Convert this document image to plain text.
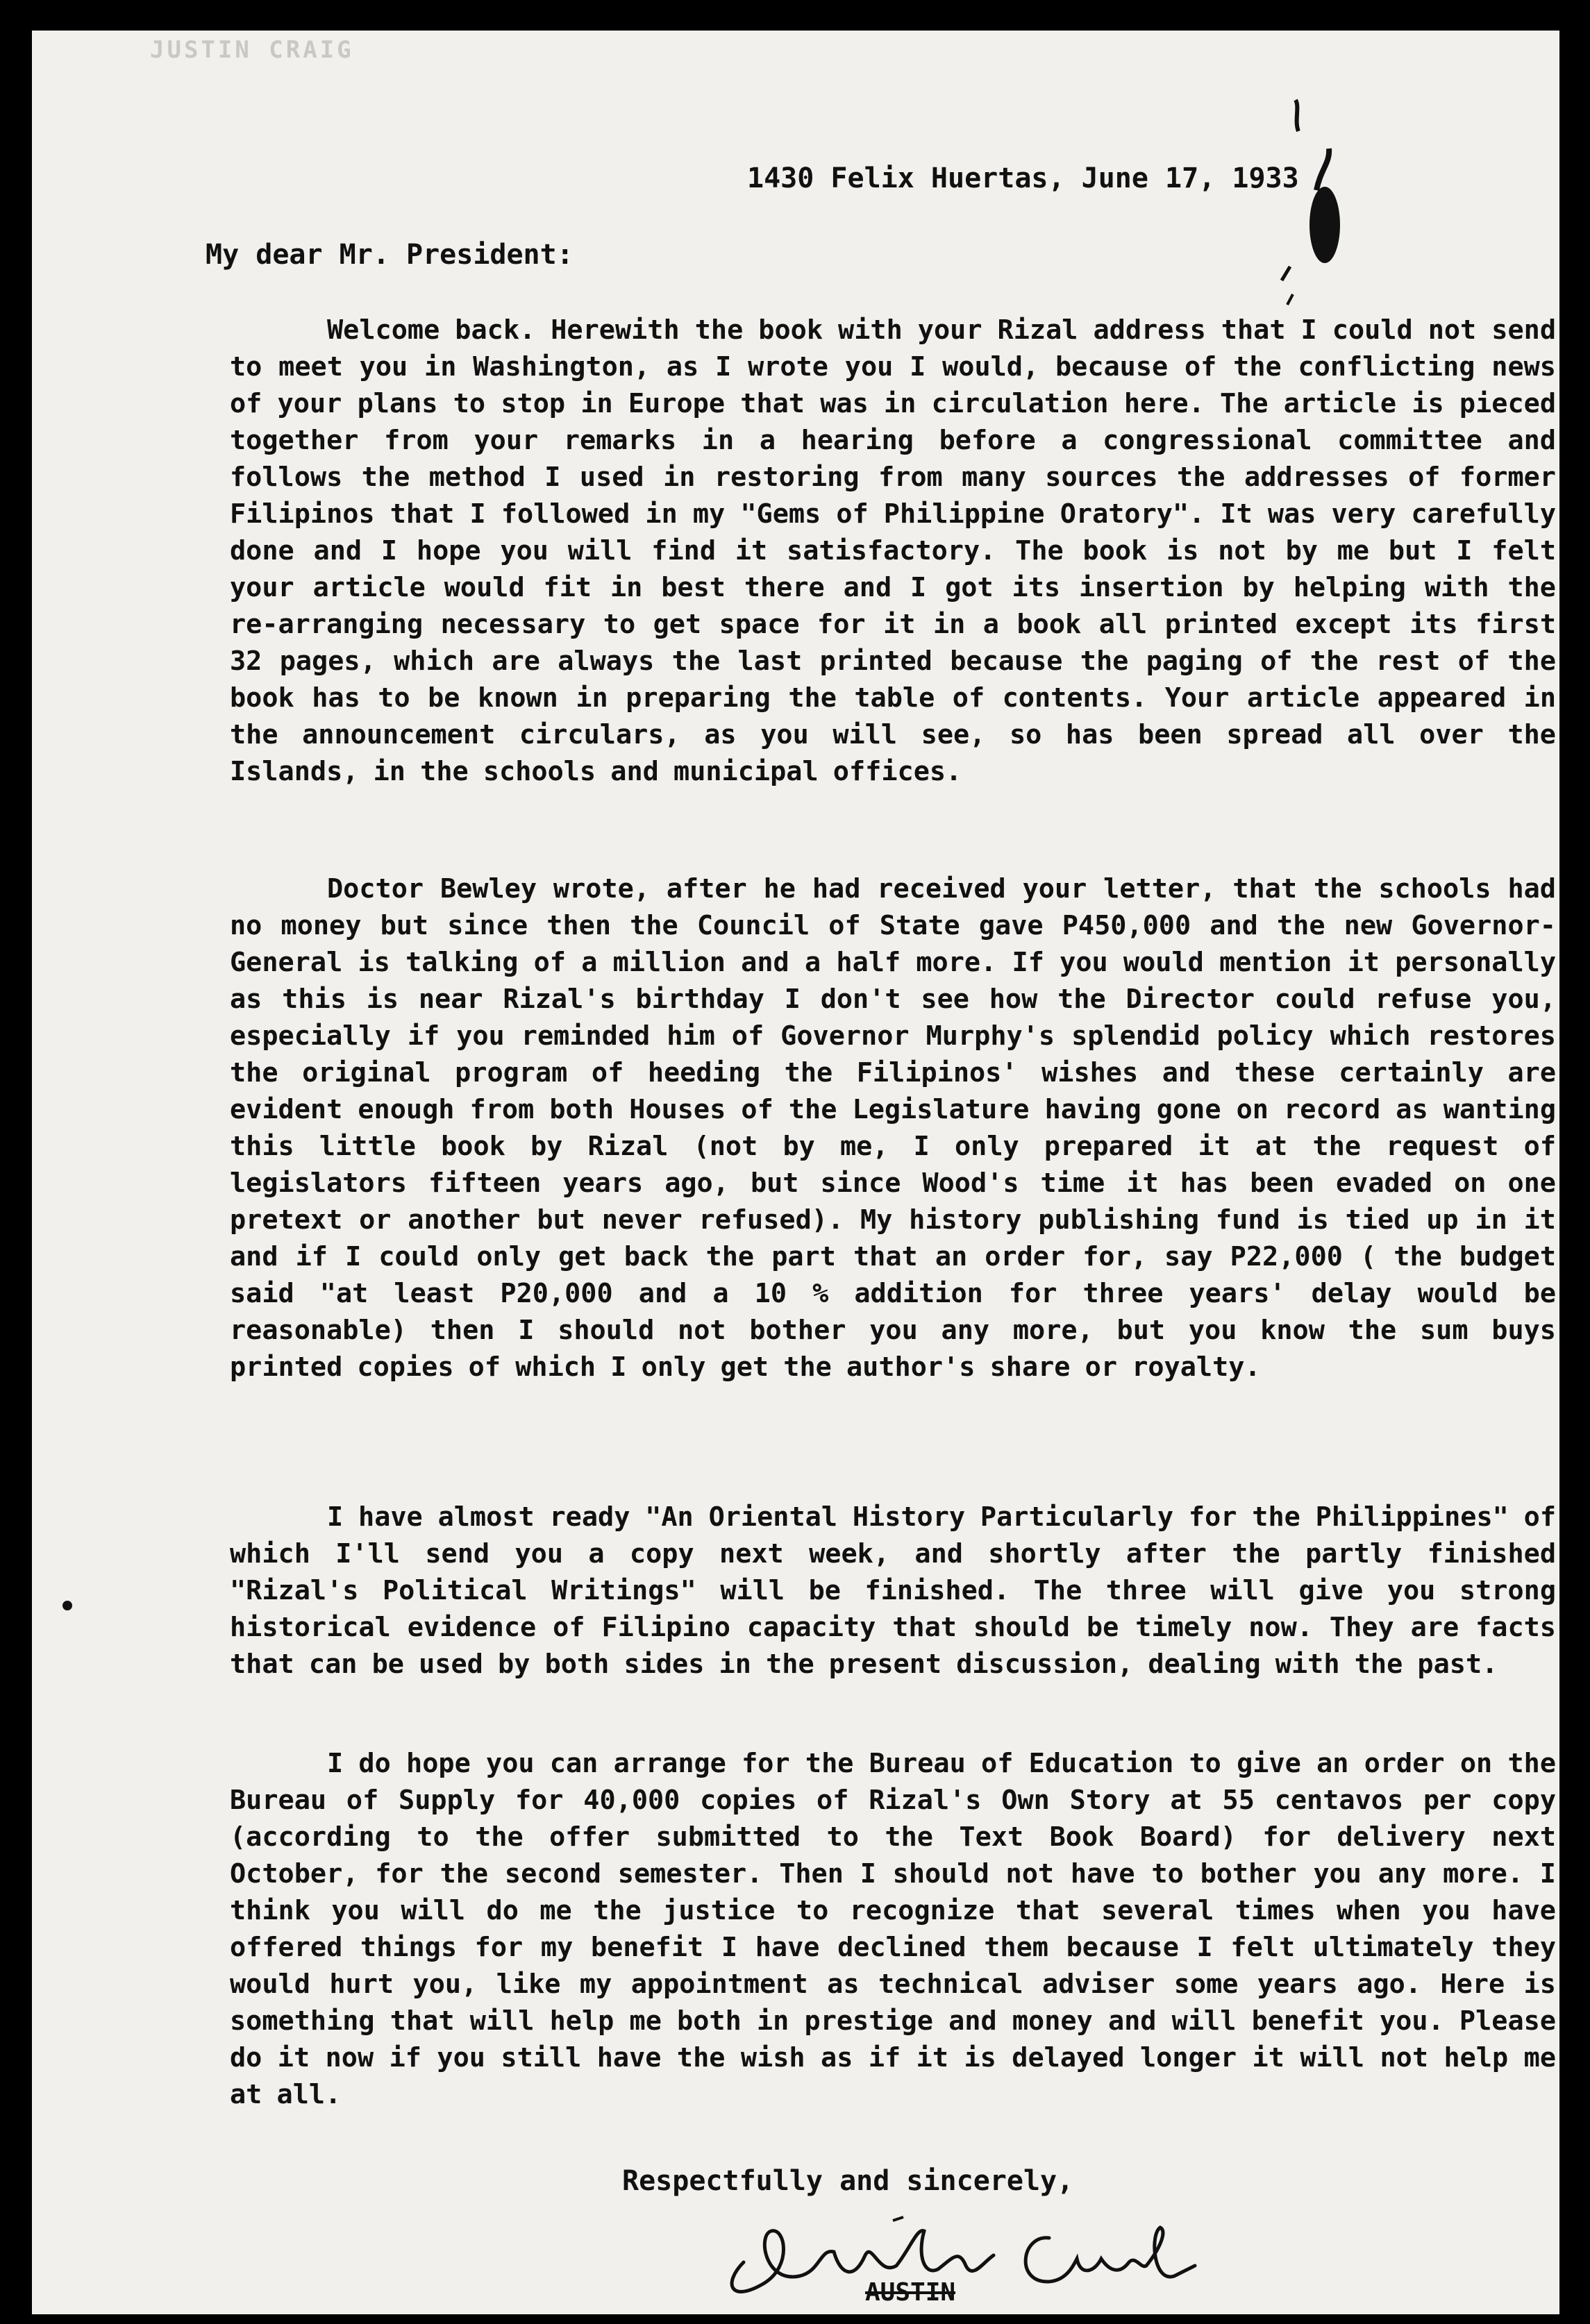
JUSTIN CRAIG
1430 Felix Huertas, June 17, 1933
My dear Mr. President:

Welcome back. Herewith the book with your Rizal address that I could not send to meet you in Washington, as I wrote you I would, because of the conflicting news of your plans to stop in Europe that was in circulation here. The article is pieced together from your remarks in a hearing before a congressional committee and follows the method I used in restoring from many sources the addresses of former Filipinos that I followed in my "Gems of Philippine Oratory". It was very carefully done and I hope you will find it satisfactory. The book is not by me but I felt your article would fit in best there and I got its insertion by helping with the re-arranging necessary to get space for it in a book all printed except its first 32 pages, which are always the last printed because the paging of the rest of the book has to be known in preparing the table of contents. Your article appeared in the announcement circulars, as you will see, so has been spread all over the Islands, in the schools and municipal offices.

Doctor Bewley wrote, after he had received your letter, that the schools had no money but since then the Council of State gave P450,000 and the new Governor-General is talking of a million and a half more. If you would mention it personally as this is near Rizal's birthday I don't see how the Director could refuse you, especially if you reminded him of Governor Murphy's splendid policy which restores the original program of heeding the Filipinos' wishes and these certainly are evident enough from both Houses of the Legislature having gone on record as wanting this little book by Rizal (not by me, I only prepared it at the request of legislators fifteen years ago, but since Wood's time it has been evaded on one pretext or another but never refused). My history publishing fund is tied up in it and if I could only get back the part that an order for, say P22,000 ( the budget said "at least P20,000 and a 10 % addition for three years' delay would be reasonable) then I should not bother you any more, but you know the sum buys printed copies of which I only get the author's share or royalty.

I have almost ready "An Oriental History Particularly for the Philippines" of which I'll send you a copy next week, and shortly after the partly finished "Rizal's Political Writings" will be finished. The three will give you strong historical evidence of Filipino capacity that should be timely now. They are facts that can be used by both sides in the present discussion, dealing with the past.

I do hope you can arrange for the Bureau of Education to give an order on the Bureau of Supply for 40,000 copies of Rizal's Own Story at 55 centavos per copy (according to the offer submitted to the Text Book Board) for delivery next October, for the second semester. Then I should not have to bother you any more. I think you will do me the justice to recognize that several times when you have offered things for my benefit I have declined them because I felt ultimately they would hurt you, like my appointment as technical adviser some years ago. Here is something that will help me both in prestige and money and will benefit you. Please do it now if you still have the wish as if it is delayed longer it will not help me at all.

Respectfully and sincerely,
AUSTIN
